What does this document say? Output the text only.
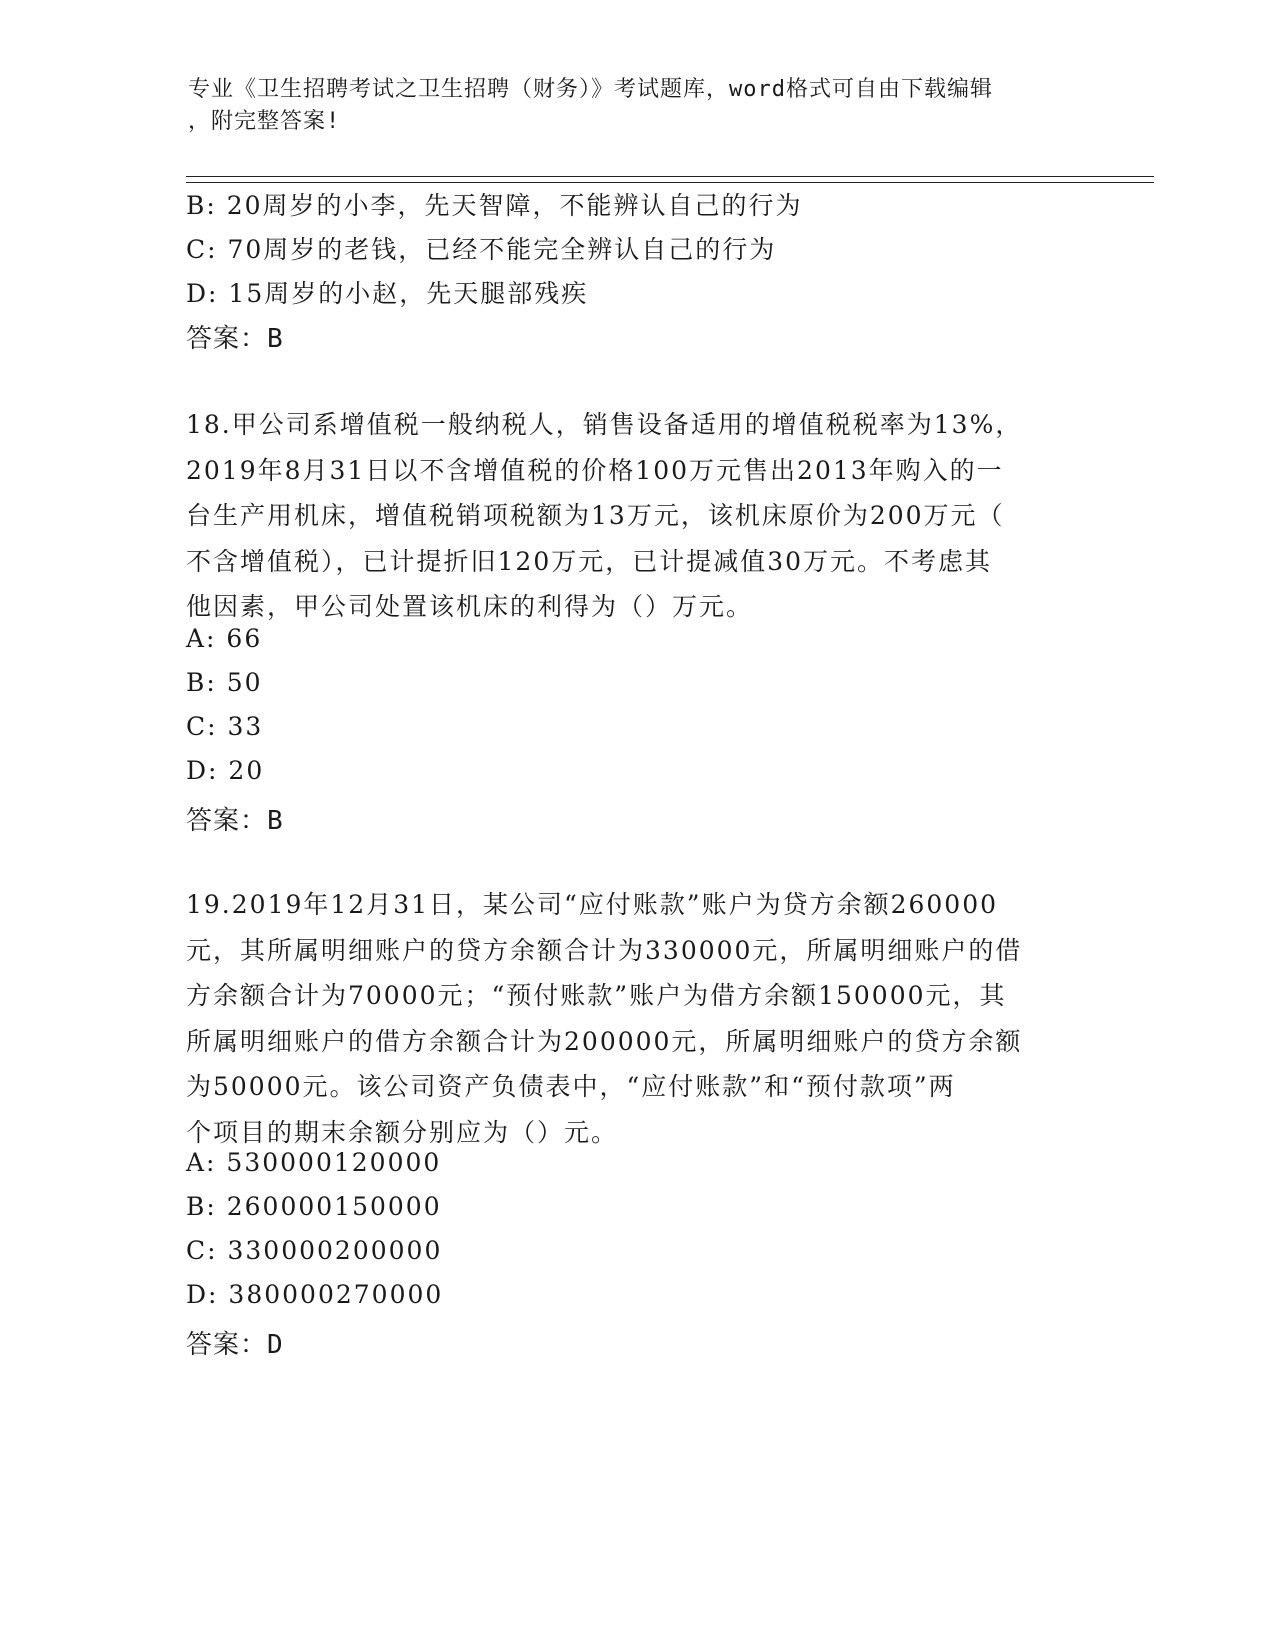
专业《卫生招聘考试之卫生招聘（财务）》考试题库，word格式可自由下载编辑
，附完整答案!
B: 20周岁的小李，先天智障，不能辨认自己的行为
C: 70周岁的老钱，已经不能完全辨认自己的行为
D: 15周岁的小赵，先天腿部残疾
答案：B
18.甲公司系增值税一般纳税人，销售设备适用的增值税税率为13%，
2019年8月31日以不含增值税的价格100万元售出2013年购入的一
台生产用机床，增值税销项税额为13万元，该机床原价为200万元（
不含增值税），已计提折旧120万元，已计提减值30万元。不考虑其
他因素，甲公司处置该机床的利得为（）万元。
A: 66
B: 50
C: 33
D: 20
答案：B
19.2019年12月31日，某公司“应付账款”账户为贷方余额260000
元，其所属明细账户的贷方余额合计为330000元，所属明细账户的借
方余额合计为70000元；“预付账款”账户为借方余额150000元，其
所属明细账户的借方余额合计为200000元，所属明细账户的贷方余额
为50000元。该公司资产负债表中，“应付账款”和“预付款项”两
个项目的期末余额分别应为（）元。
A: 530000120000
B: 260000150000
C: 330000200000
D: 380000270000
答案：D
